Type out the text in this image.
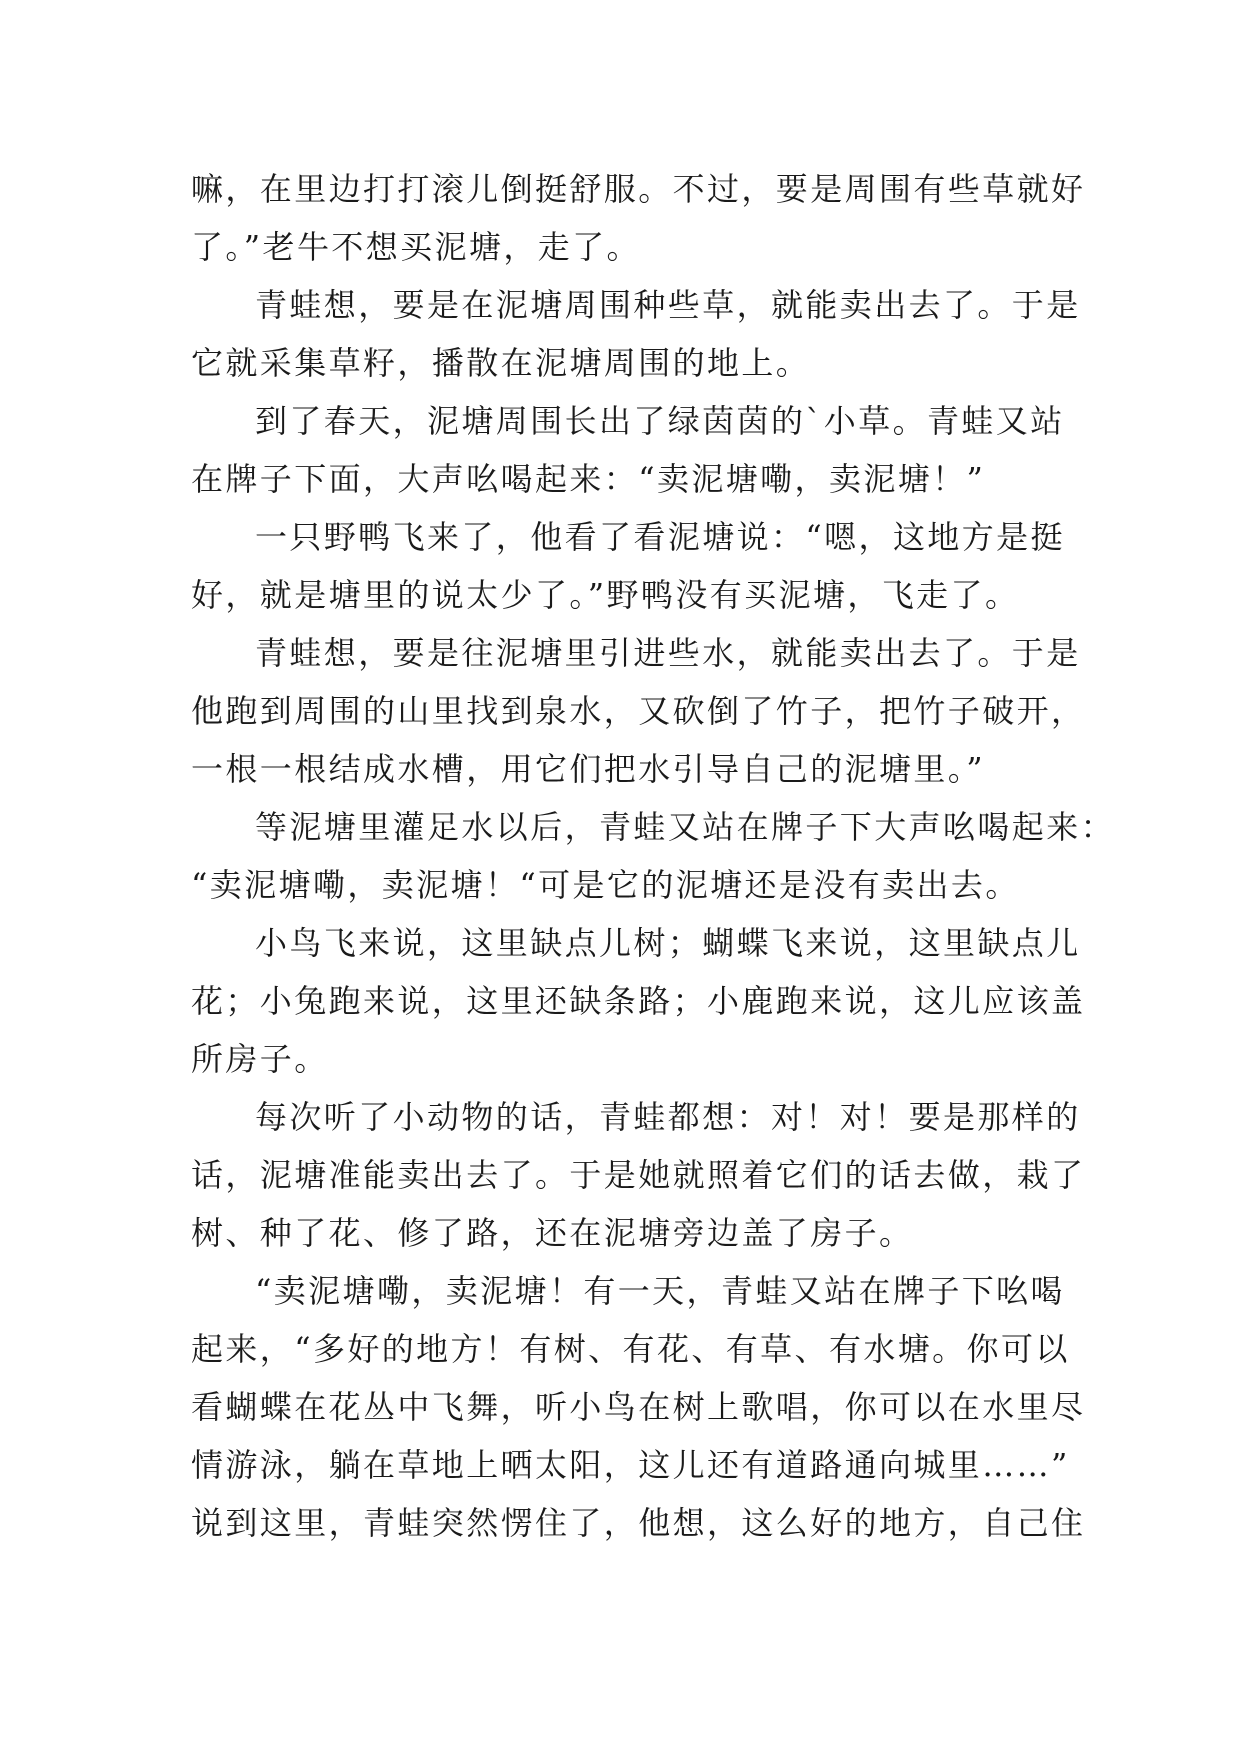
嘛，在里边打打滚儿倒挺舒服。不过，要是周围有些草就好
了。”老牛不想买泥塘，走了。
青蛙想，要是在泥塘周围种些草，就能卖出去了。于是
它就采集草籽，播散在泥塘周围的地上。
到了春天，泥塘周围长出了绿茵茵的`小草。青蛙又站
在牌子下面，大声吆喝起来：“卖泥塘嘞，卖泥塘！”
一只野鸭飞来了，他看了看泥塘说：“嗯，这地方是挺
好，就是塘里的说太少了。”野鸭没有买泥塘，飞走了。
青蛙想，要是往泥塘里引进些水，就能卖出去了。于是
他跑到周围的山里找到泉水，又砍倒了竹子，把竹子破开，
一根一根结成水槽，用它们把水引导自己的泥塘里。”
等泥塘里灌足水以后，青蛙又站在牌子下大声吆喝起来：
“卖泥塘嘞，卖泥塘！“可是它的泥塘还是没有卖出去。
小鸟飞来说，这里缺点儿树；蝴蝶飞来说，这里缺点儿
花；小兔跑来说，这里还缺条路；小鹿跑来说，这儿应该盖
所房子。
每次听了小动物的话，青蛙都想：对！对！要是那样的
话，泥塘准能卖出去了。于是她就照着它们的话去做，栽了
树、种了花、修了路，还在泥塘旁边盖了房子。
“卖泥塘嘞，卖泥塘！有一天，青蛙又站在牌子下吆喝
起来，“多好的地方！有树、有花、有草、有水塘。你可以
看蝴蝶在花丛中飞舞，听小鸟在树上歌唱，你可以在水里尽
情游泳，躺在草地上晒太阳，这儿还有道路通向城里……”
说到这里，青蛙突然愣住了，他想，这么好的地方，自己住
